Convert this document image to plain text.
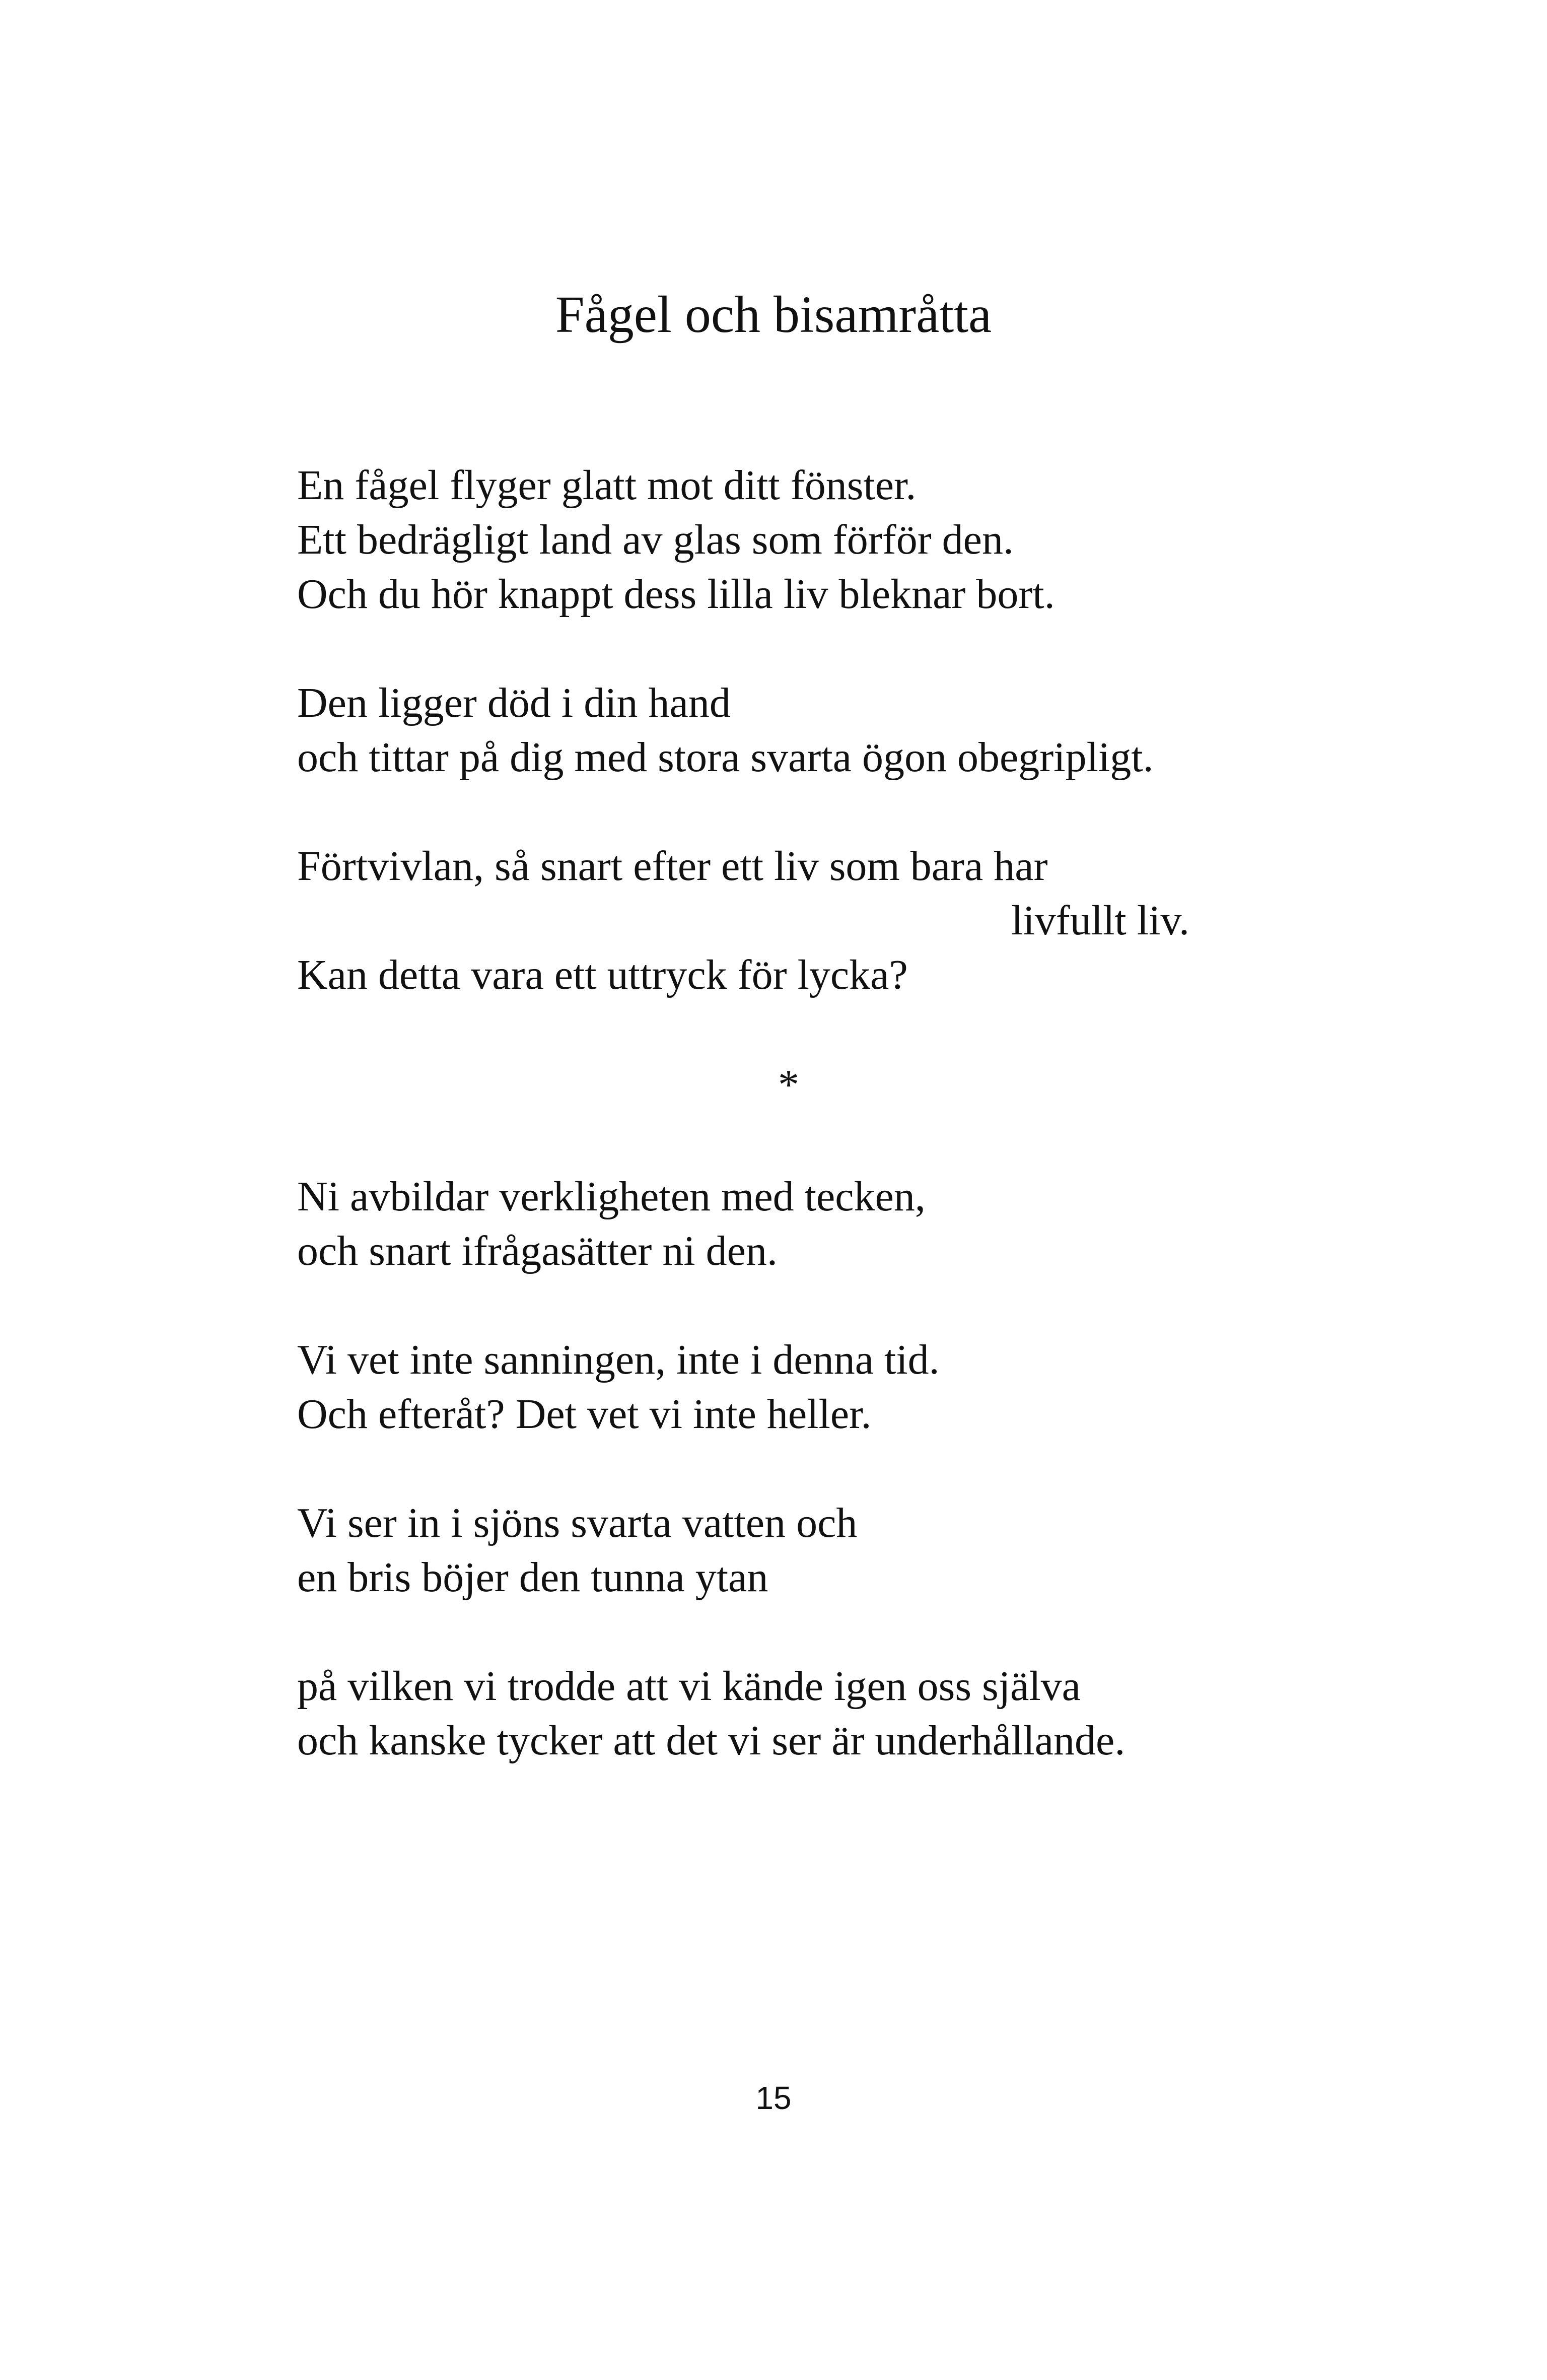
Fågel och bisamråtta
En fågel flyger glatt mot ditt fönster.
Ett bedrägligt land av glas som förför den.
Och du hör knappt dess lilla liv bleknar bort.
Den ligger död i din hand
och tittar på dig med stora svarta ögon obegripligt.
Förtvivlan, så snart efter ett liv som bara har
livfullt liv.
Kan detta vara ett uttryck för lycka?
*
Ni avbildar verkligheten med tecken,
och snart ifrågasätter ni den.
Vi vet inte sanningen, inte i denna tid.
Och efteråt? Det vet vi inte heller.
Vi ser in i sjöns svarta vatten och
en bris böjer den tunna ytan
på vilken vi trodde att vi kände igen oss själva
och kanske tycker att det vi ser är underhållande.
15
